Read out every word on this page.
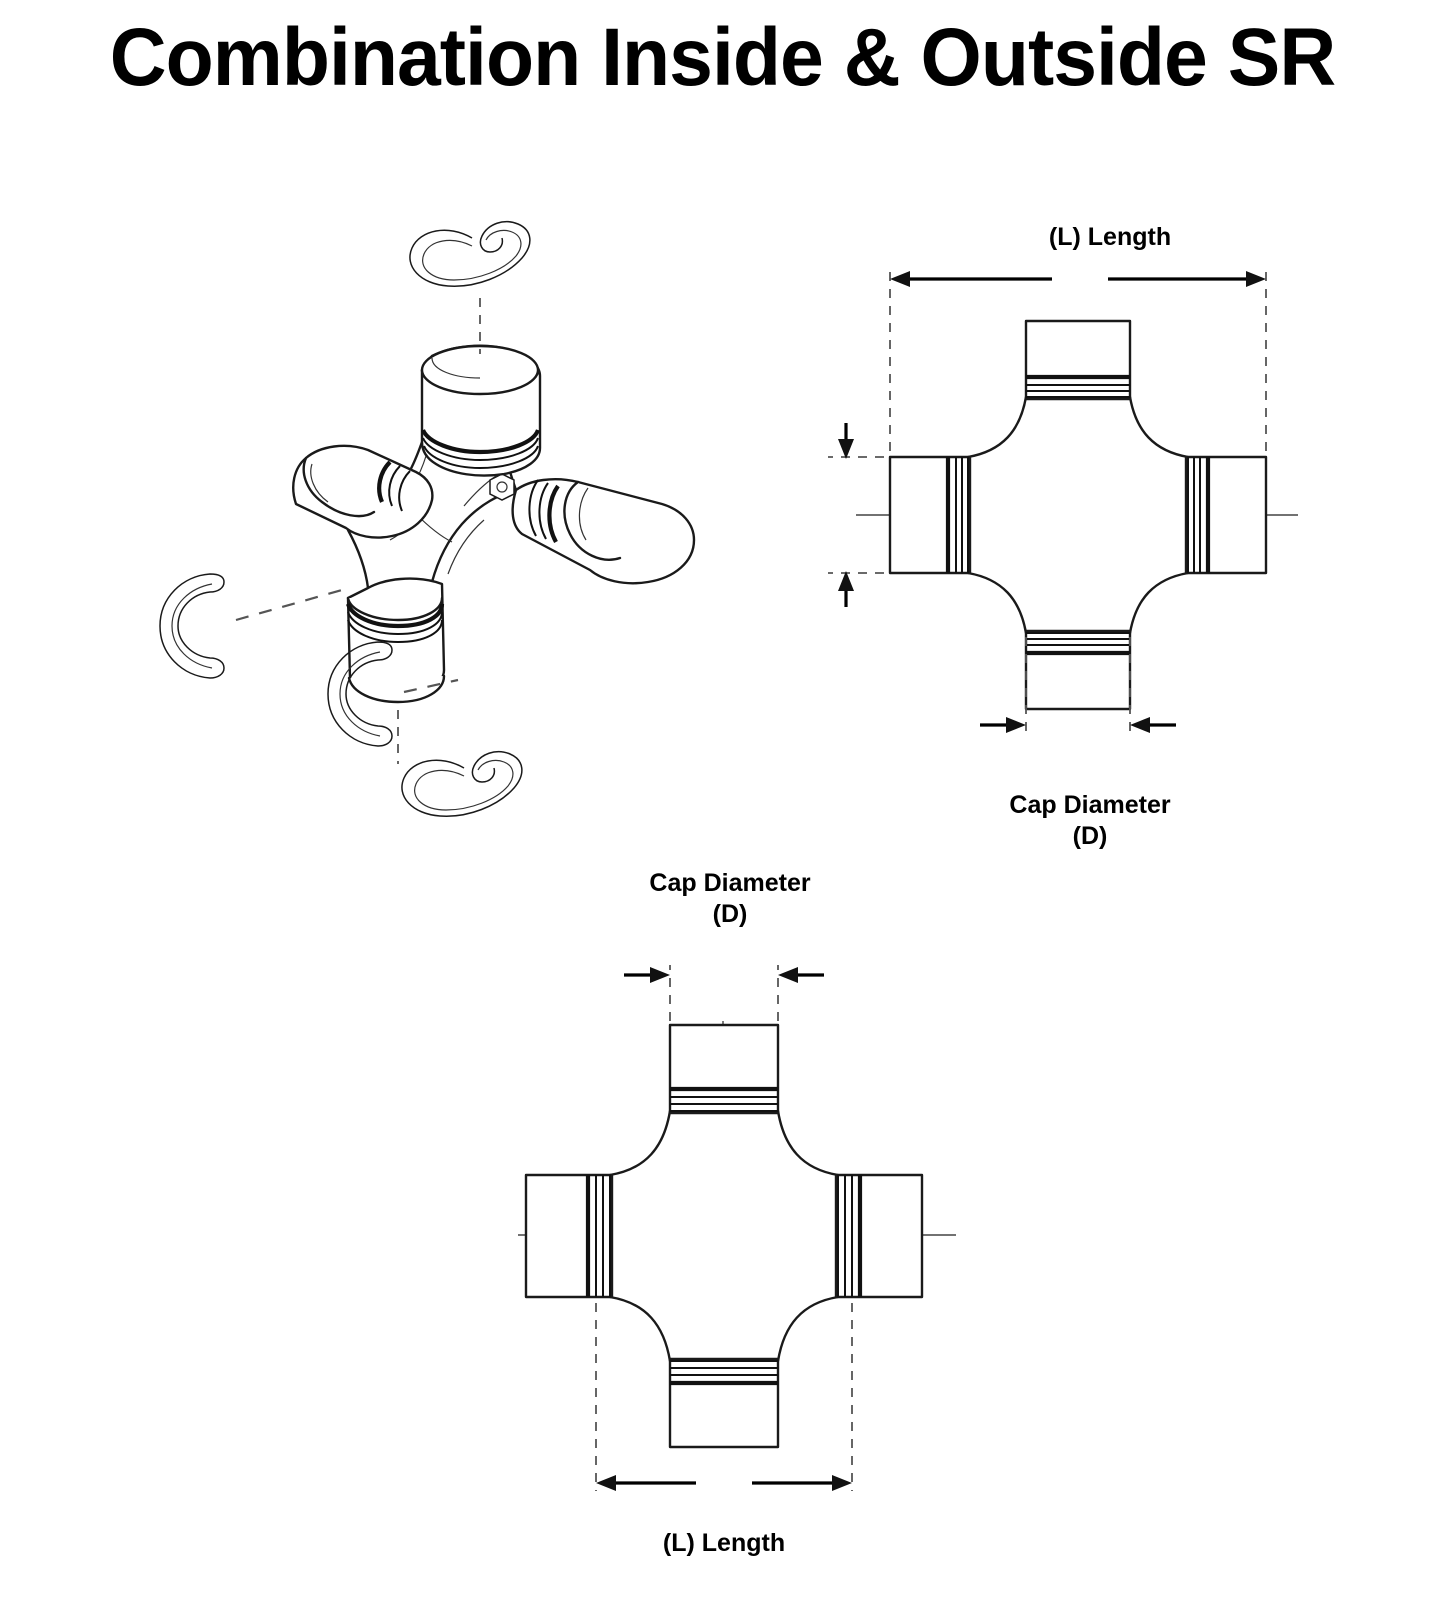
Combination Inside & Outside SR
(L) Length
Cap Diameter
(D)
Cap Diameter
(D)
(L) Length
